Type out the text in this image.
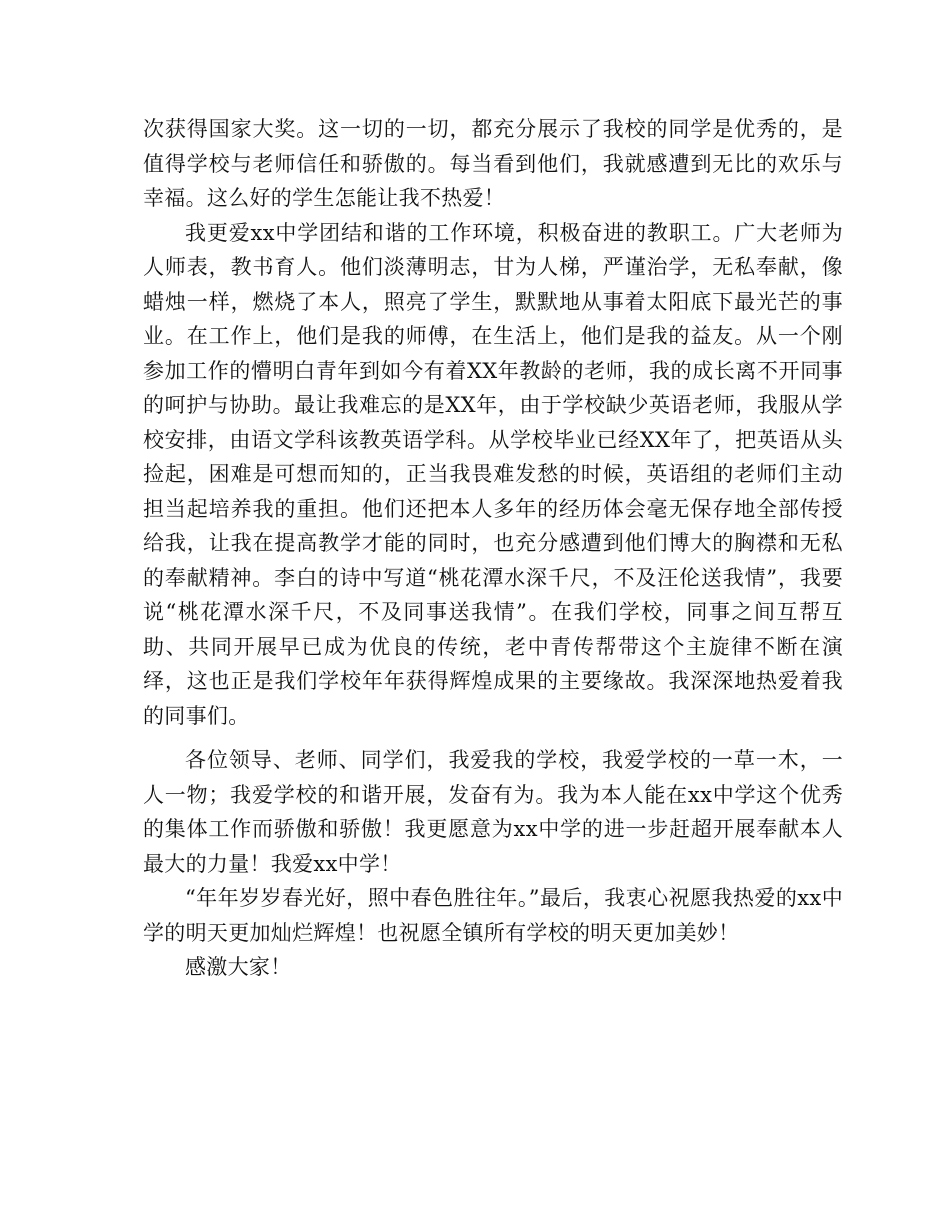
次获得国家大奖。这一切的一切，都充分展示了我校的同学是优秀的，是值得学校与老师信任和骄傲的。每当看到他们，我就感遭到无比的欢乐与幸福。这么好的学生怎能让我不热爱！

我更爱xx中学团结和谐的工作环境，积极奋进的教职工。广大老师为人师表，教书育人。他们淡薄明志，甘为人梯，严谨治学，无私奉献，像蜡烛一样，燃烧了本人，照亮了学生，默默地从事着太阳底下最光芒的事业。在工作上，他们是我的师傅，在生活上，他们是我的益友。从一个刚参加工作的懵明白青年到如今有着XX年教龄的老师，我的成长离不开同事的呵护与协助。最让我难忘的是XX年，由于学校缺少英语老师，我服从学校安排，由语文学科该教英语学科。从学校毕业已经XX年了，把英语从头捡起，困难是可想而知的，正当我畏难发愁的时候，英语组的老师们主动担当起培养我的重担。他们还把本人多年的经历体会毫无保存地全部传授给我，让我在提高教学才能的同时，也充分感遭到他们博大的胸襟和无私的奉献精神。李白的诗中写道“桃花潭水深千尺，不及汪伦送我情”，我要说“桃花潭水深千尺，不及同事送我情”。在我们学校，同事之间互帮互助、共同开展早已成为优良的传统，老中青传帮带这个主旋律不断在演绎，这也正是我们学校年年获得辉煌成果的主要缘故。我深深地热爱着我的同事们。

各位领导、老师、同学们，我爱我的学校，我爱学校的一草一木，一人一物；我爱学校的和谐开展，发奋有为。我为本人能在xx中学这个优秀的集体工作而骄傲和骄傲！我更愿意为xx中学的进一步赶超开展奉献本人最大的力量！我爱xx中学！

“年年岁岁春光好，照中春色胜往年。”最后，我衷心祝愿我热爱的xx中学的明天更加灿烂辉煌！也祝愿全镇所有学校的明天更加美妙！

感激大家！
